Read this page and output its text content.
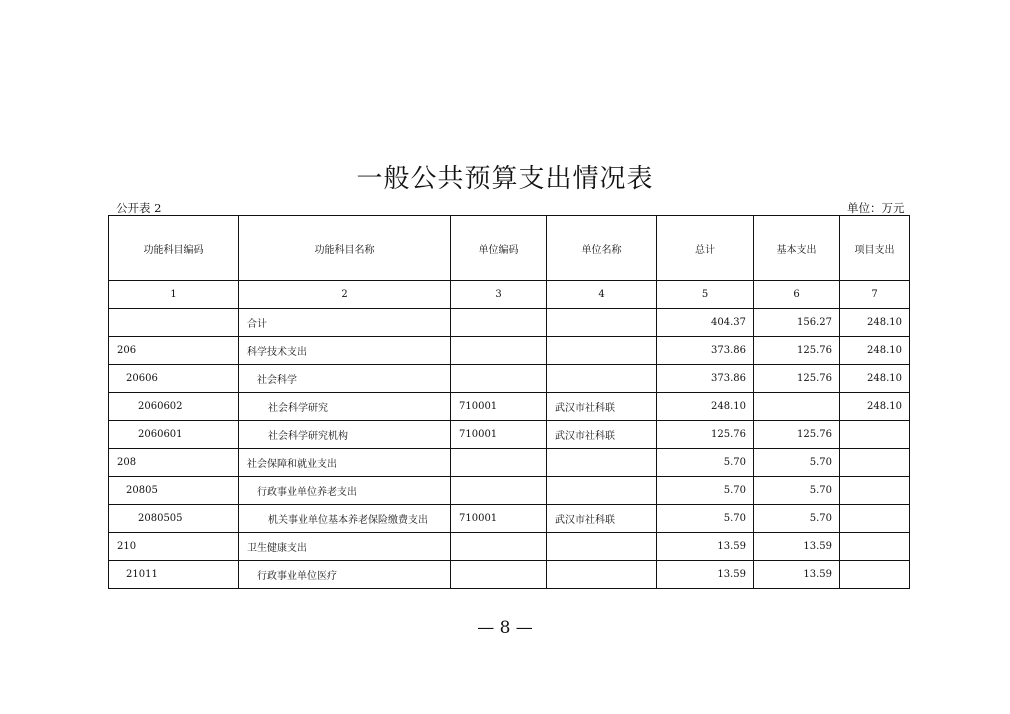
一般公共预算支出情况表
公开表 2	单位：万元
功能科目编码	功能科目名称	单位编码	单位名称	总计	基本支出	项目支出
1	2	3	4	5	6	7
	合计			404.37	156.27	248.10
206	科学技术支出			373.86	125.76	248.10
20606	社会科学			373.86	125.76	248.10
2060602	社会科学研究	710001	武汉市社科联	248.10		248.10
2060601	社会科学研究机构	710001	武汉市社科联	125.76	125.76	
208	社会保障和就业支出			5.70	5.70	
20805	行政事业单位养老支出			5.70	5.70	
2080505	机关事业单位基本养老保险缴费支出	710001	武汉市社科联	5.70	5.70	
210	卫生健康支出			13.59	13.59	
21011	行政事业单位医疗			13.59	13.59	
— 8 —
